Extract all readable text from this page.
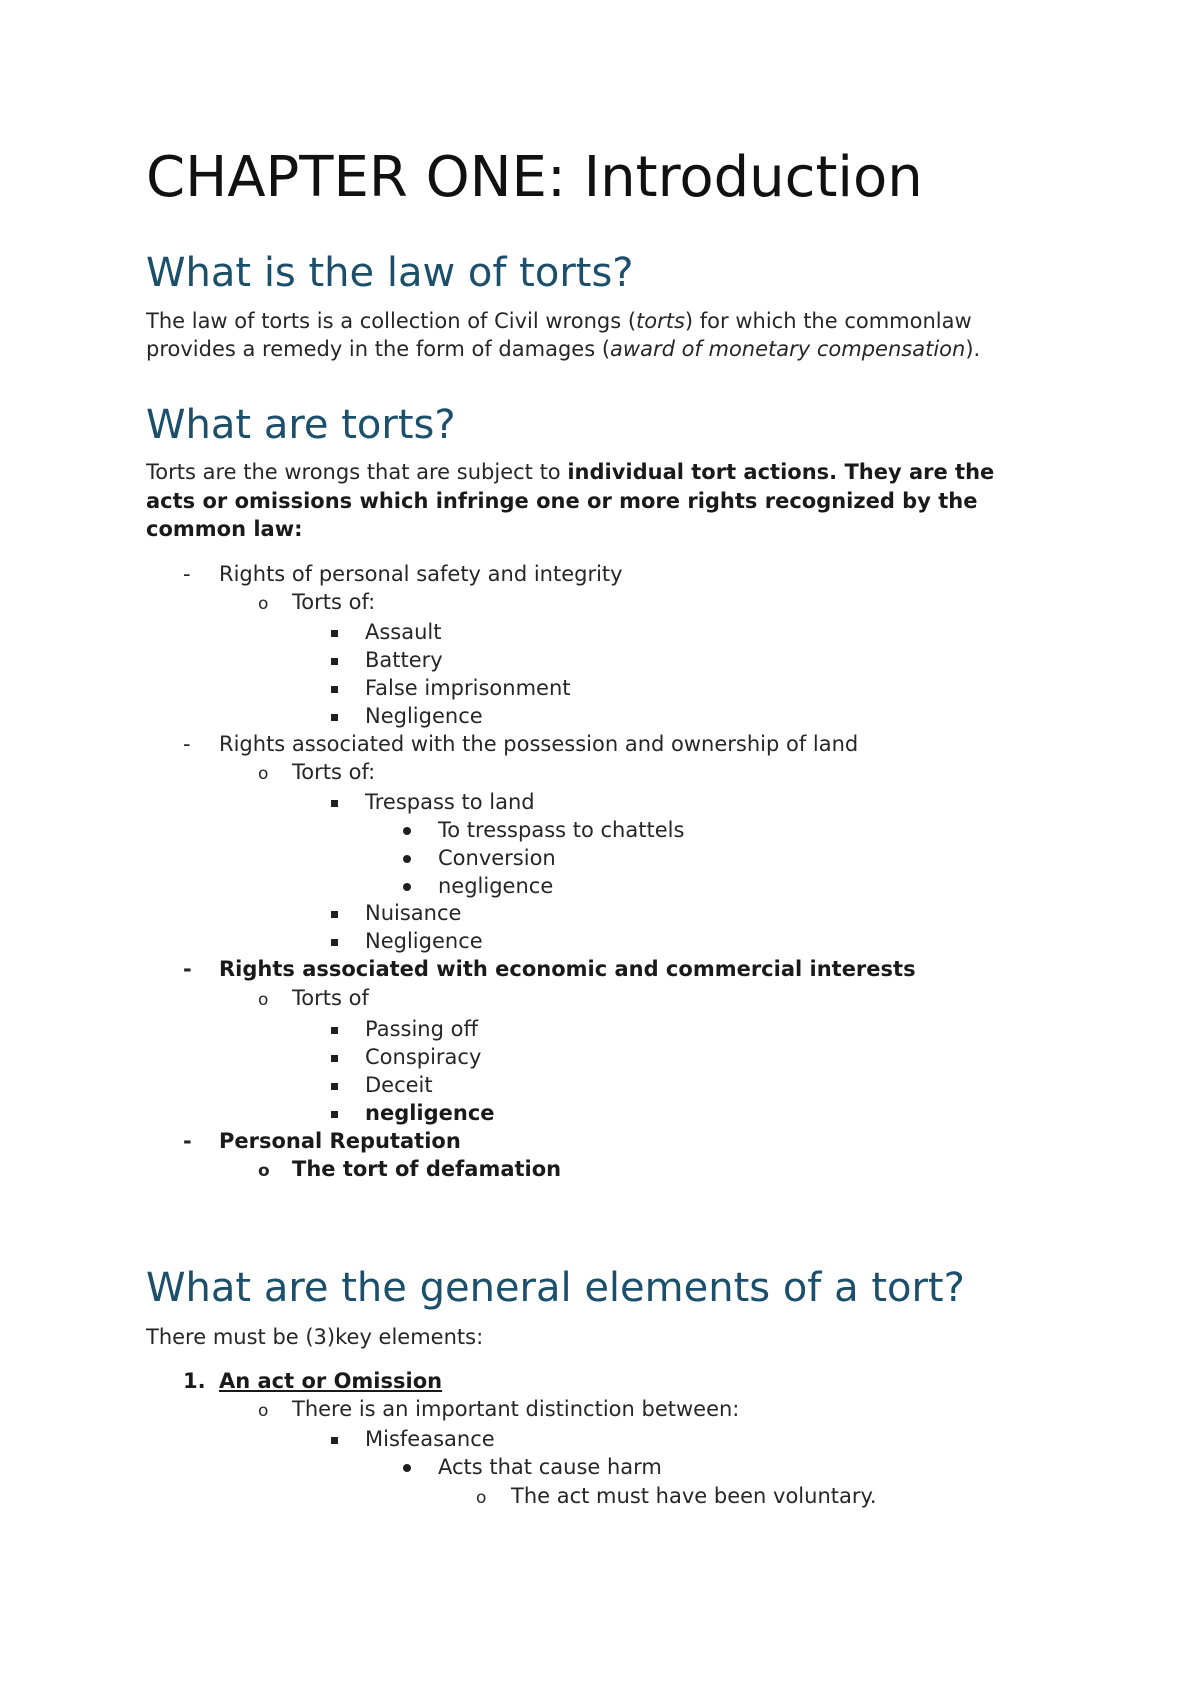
CHAPTER ONE: Introduction
What is the law of torts?
The law of torts is a collection of Civil wrongs (torts) for which the commonlaw
provides a remedy in the form of damages (award of monetary compensation).
What are torts?
Torts are the wrongs that are subject to individual tort actions. They are the
acts or omissions which infringe one or more rights recognized by the
common law:
- Rights of personal safety and integrity
o Torts of:
Assault
Battery
False imprisonment
Negligence
- Rights associated with the possession and ownership of land
o Torts of:
Trespass to land
To tresspass to chattels
Conversion
negligence
Nuisance
Negligence
- Rights associated with economic and commercial interests
o Torts of
Passing off
Conspiracy
Deceit
negligence
- Personal Reputation
o The tort of defamation
What are the general elements of a tort?
There must be (3)key elements:
1. An act or Omission
o There is an important distinction between:
Misfeasance
Acts that cause harm
o The act must have been voluntary.
